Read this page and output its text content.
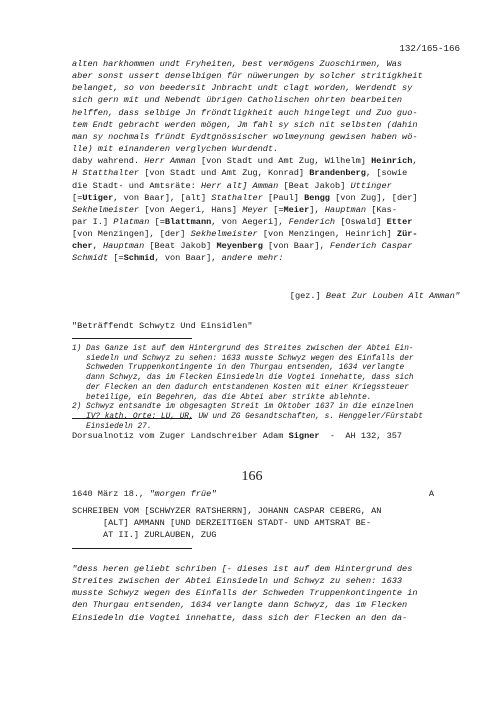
132/165-166
alten harkhommen undt Fryheiten, best vermögens Zuoschirmen, Was
aber sonst ussert denselbigen für nüwerungen by solcher stritigkheit
belanget, so von beedersit Jnbracht undt clagt worden, Werdendt sy
sich gern mit und Nebendt übrigen Catholischen ohrten bearbeiten
helffen, dass selbige Jn fröndtligkheit auch hingelegt und Zuo guo-
tem Endt gebracht werden mögen, Jm fahl sy sich nit selbsten (dahin
man sy nochmals fründt Eydtgnössischer wolmeynung gewisen haben wö-
lle) mit einanderen verglychen Wurdendt.
daby wahrend. Herr Amman [von Stadt und Amt Zug, Wilhelm] Heinrich,
H Statthalter [von Stadt und Amt Zug, Konrad] Brandenberg, [sowie
die Stadt- und Amtsräte: Herr alt] Amman [Beat Jakob] Uttinger
[=Utiger, von Baar], [alt] Stathalter [Paul] Bengg [von Zug], [der]
Sekhelmeister [von Aegeri, Hans] Meyer [=Meier], Hauptman [Kas-
par I.] Platman [=Blattmann, von Aegeri], Fenderich [Oswald] Etter
[von Menzingen], [der] Sekhelmeister [von Menzingen, Heinrich] Zür-
cher, Hauptman [Beat Jakob] Meyenberg [von Baar], Fenderich Caspar
Schmidt [=Schmid, von Baar], andere mehr:
[gez.] Beat Zur Louben Alt Amman"
"Beträffendt Schwytz Und Einsidlen"
1) Das Ganze ist auf dem Hintergrund des Streites zwischen der Abtei Ein-
siedeln und Schwyz zu sehen: 1633 musste Schwyz wegen des Einfalls der
Schweden Truppenkontingente in den Thurgau entsenden, 1634 verlangte
dann Schwyz, das im Flecken Einsiedeln die Vogtei innehatte, dass sich
der Flecken an den dadurch entstandenen Kosten mit einer Kriegssteuer
beteilige, ein Begehren, das die Abtei aber strikte ablehnte.
2) Schwyz entsandte im obgesagten Streit im Oktober 1637 in die einzelnen
IV? kath. Orte: LU, UR, UW und ZG Gesandtschaften, s. Henggeler/Fürstabt
Einsiedeln 27.
Dorsualnotiz vom Zuger Landschreiber Adam Signer  -  AH 132, 357
166
1640 März 18., "morgen früe"	A
SCHREIBEN VOM [SCHWYZER RATSHERRN], JOHANN CASPAR CEBERG, AN
[ALT] AMMANN [UND DERZEITIGEN STADT- UND AMTSRAT BE-
AT II.] ZURLAUBEN, ZUG
"dess heren geliebt schriben [- dieses ist auf dem Hintergrund des
Streites zwischen der Abtei Einsiedeln und Schwyz zu sehen: 1633
musste Schwyz wegen des Einfalls der Schweden Truppenkontingente in
den Thurgau entsenden, 1634 verlangte dann Schwyz, das im Flecken
Einsiedeln die Vogtei innehatte, dass sich der Flecken an den da-
